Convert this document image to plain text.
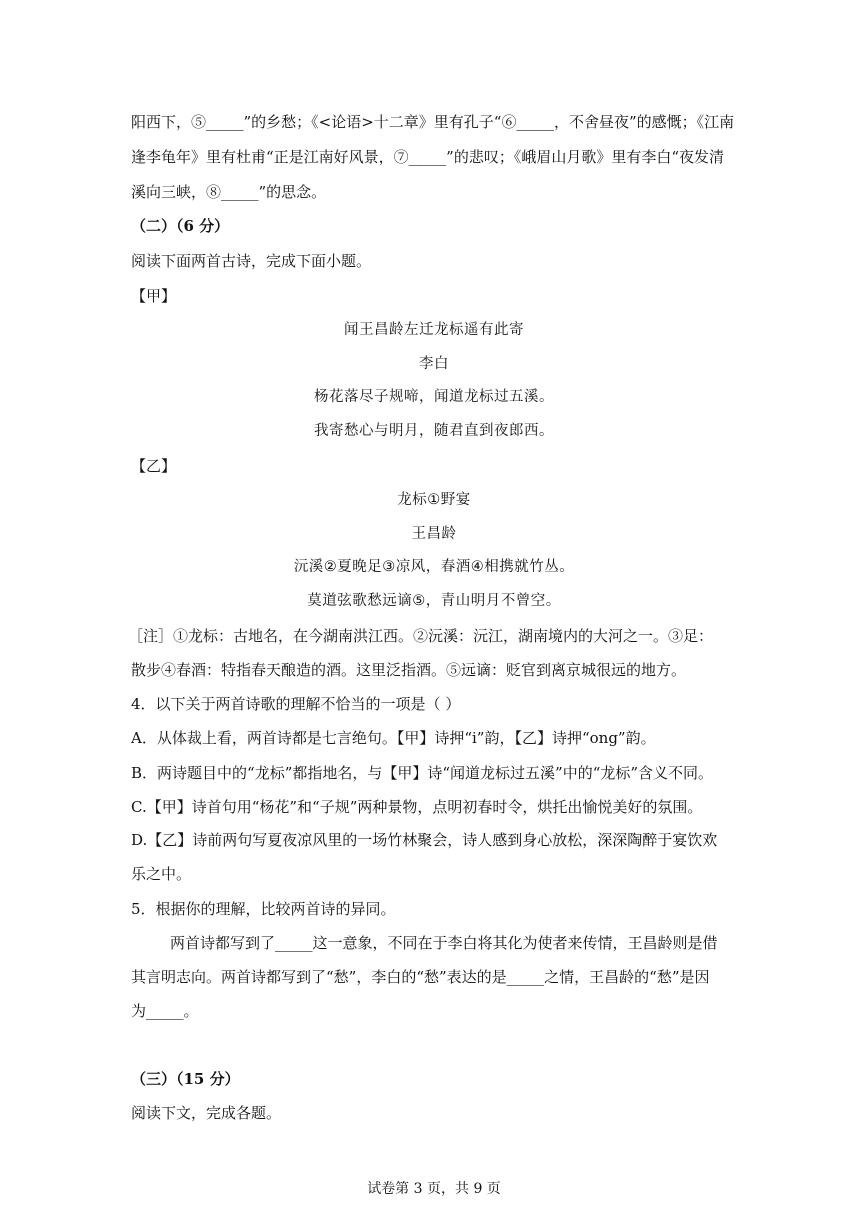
阳西下，⑤_____”的乡愁；《<论语>十二章》里有孔子“⑥_____，不舍昼夜”的感慨；《江南
逢李龟年》里有杜甫“正是江南好风景，⑦_____”的悲叹；《峨眉山月歌》里有李白“夜发清
溪向三峡，⑧_____”的思念。
（二）（6 分）
阅读下面两首古诗，完成下面小题。
【甲】
闻王昌龄左迁龙标遥有此寄
李白
杨花落尽子规啼，闻道龙标过五溪。
我寄愁心与明月，随君直到夜郎西。
【乙】
龙标①野宴
王昌龄
沅溪②夏晚足③凉风，春酒④相携就竹丛。
莫道弦歌愁远谪⑤，青山明月不曾空。
［注］①龙标：古地名，在今湖南洪江西。②沅溪：沅江，湖南境内的大河之一。③足：
散步④春酒：特指春天酿造的酒。这里泛指酒。⑤远谪：贬官到离京城很远的地方。
4．以下关于两首诗歌的理解不恰当的一项是（ ）
A．从体裁上看，两首诗都是七言绝句。【甲】诗押“i”韵，【乙】诗押“ong”韵。
B．两诗题目中的“龙标”都指地名，与【甲】诗“闻道龙标过五溪”中的“龙标”含义不同。
C.【甲】诗首句用“杨花”和“子规”两种景物，点明初春时令，烘托出愉悦美好的氛围。
D.【乙】诗前两句写夏夜凉风里的一场竹林聚会，诗人感到身心放松，深深陶醉于宴饮欢
乐之中。
5．根据你的理解，比较两首诗的异同。
两首诗都写到了_____这一意象，不同在于李白将其化为使者来传情，王昌龄则是借
其言明志向。两首诗都写到了“愁”，李白的“愁”表达的是_____之情，王昌龄的“愁”是因
为_____。
（三）（15 分）
阅读下文，完成各题。
试卷第 3 页，共 9 页
